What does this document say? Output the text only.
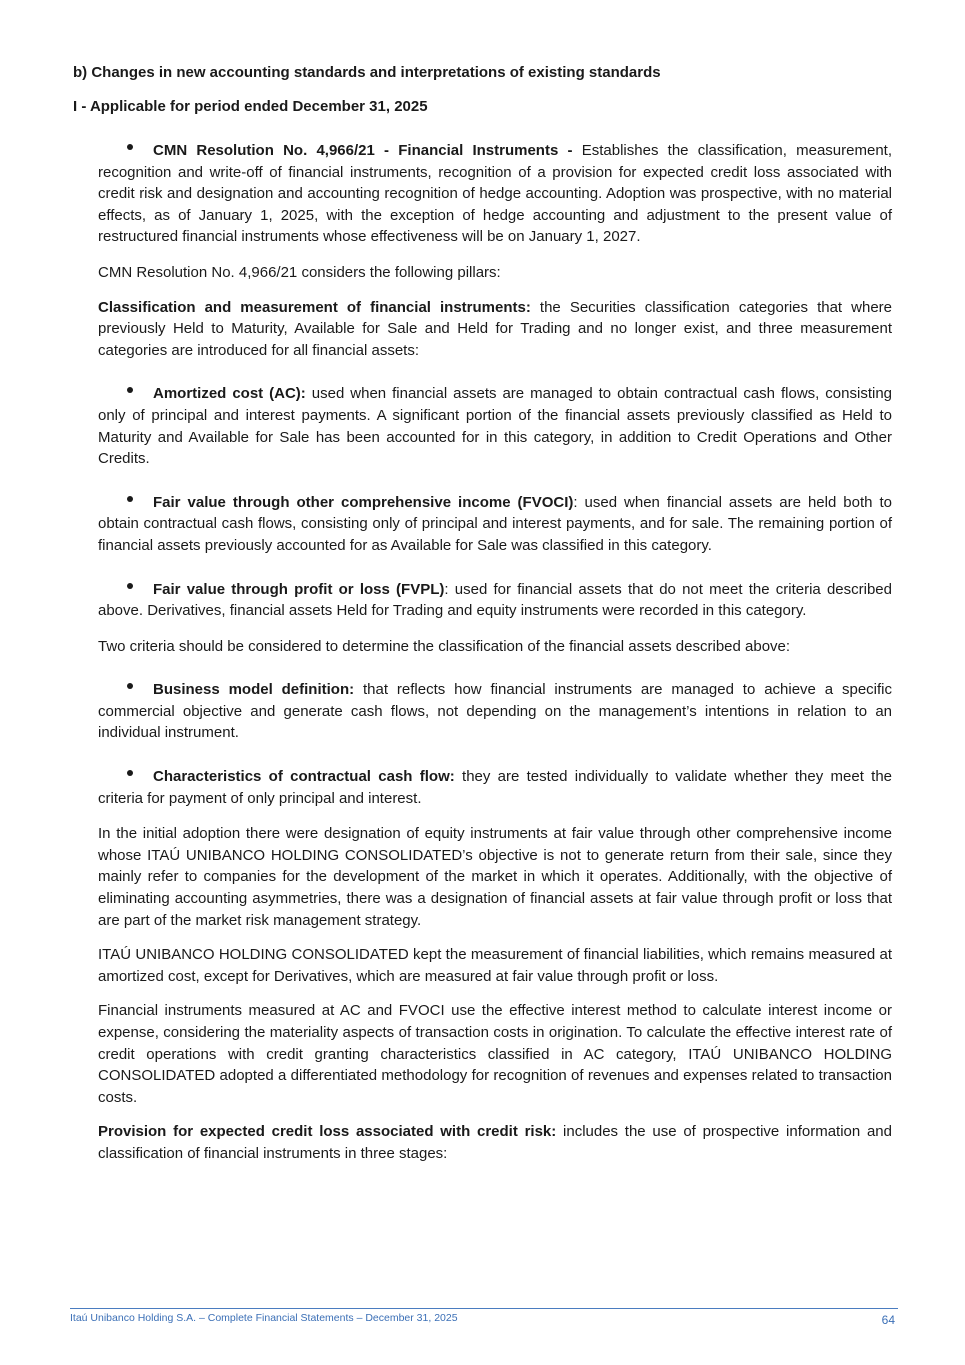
b) Changes in new accounting standards and interpretations of existing standards
I - Applicable for period ended December 31, 2025

CMN Resolution No. 4,966/21 - Financial Instruments - Establishes the classification, measurement, recognition and write-off of financial instruments, recognition of a provision for expected credit loss associated with credit risk and designation and accounting recognition of hedge accounting. Adoption was prospective, with no material effects, as of January 1, 2025, with the exception of hedge accounting and adjustment to the present value of restructured financial instruments whose effectiveness will be on January 1, 2027.

CMN Resolution No. 4,966/21 considers the following pillars:

Classification and measurement of financial instruments: the Securities classification categories that where previously Held to Maturity, Available for Sale and Held for Trading and no longer exist, and three measurement categories are introduced for all financial assets:

Amortized cost (AC): used when financial assets are managed to obtain contractual cash flows, consisting only of principal and interest payments. A significant portion of the financial assets previously classified as Held to Maturity and Available for Sale has been accounted for in this category, in addition to Credit Operations and Other Credits.

Fair value through other comprehensive income (FVOCI): used when financial assets are held both to obtain contractual cash flows, consisting only of principal and interest payments, and for sale. The remaining portion of financial assets previously accounted for as Available for Sale was classified in this category.

Fair value through profit or loss (FVPL): used for financial assets that do not meet the criteria described above. Derivatives, financial assets Held for Trading and equity instruments were recorded in this category.

Two criteria should be considered to determine the classification of the financial assets described above:

Business model definition: that reflects how financial instruments are managed to achieve a specific commercial objective and generate cash flows, not depending on the management’s intentions in relation to an individual instrument.

Characteristics of contractual cash flow: they are tested individually to validate whether they meet the criteria for payment of only principal and interest.

In the initial adoption there were designation of equity instruments at fair value through other comprehensive income whose ITAÚ UNIBANCO HOLDING CONSOLIDATED’s objective is not to generate return from their sale, since they mainly refer to companies for the development of the market in which it operates. Additionally, with the objective of eliminating accounting asymmetries, there was a designation of financial assets at fair value through profit or loss that are part of the market risk management strategy.

ITAÚ UNIBANCO HOLDING CONSOLIDATED kept the measurement of financial liabilities, which remains measured at amortized cost, except for Derivatives, which are measured at fair value through profit or loss.

Financial instruments measured at AC and FVOCI use the effective interest method to calculate interest income or expense, considering the materiality aspects of transaction costs in origination. To calculate the effective interest rate of credit operations with credit granting characteristics classified in AC category, ITAÚ UNIBANCO HOLDING CONSOLIDATED adopted a differentiated methodology for recognition of revenues and expenses related to transaction costs.

Provision for expected credit loss associated with credit risk: includes the use of prospective information and classification of financial instruments in three stages:

Itaú Unibanco Holding S.A. – Complete Financial Statements – December 31, 2025	64
